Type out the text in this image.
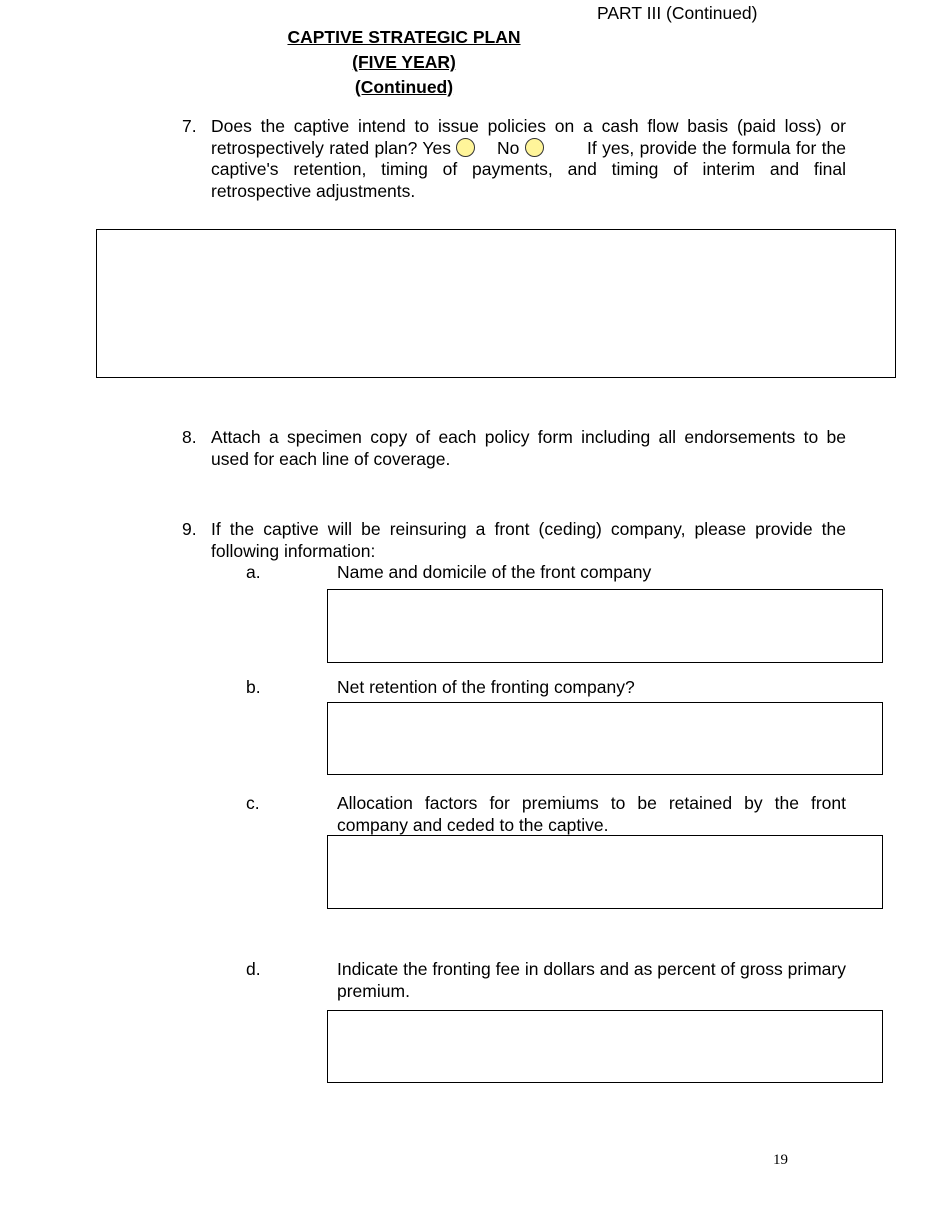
PART III (Continued)
CAPTIVE STRATEGIC PLAN
(FIVE YEAR)
(Continued)
7. Does the captive intend to issue policies on a cash flow basis (paid loss) or retrospectively rated plan? Yes	No	If yes, provide the formula for the captive's retention, timing of payments, and timing of interim and final retrospective adjustments.
8. Attach a specimen copy of each policy form including all endorsements to be used for each line of coverage.
9. If the captive will be reinsuring a front (ceding) company, please provide the following information:
a.	Name and domicile of the front company
b.	Net retention of the fronting company?
c.	Allocation factors for premiums to be retained by the front company and ceded to the captive.
d.	Indicate the fronting fee in dollars and as percent of gross primary premium.
19
